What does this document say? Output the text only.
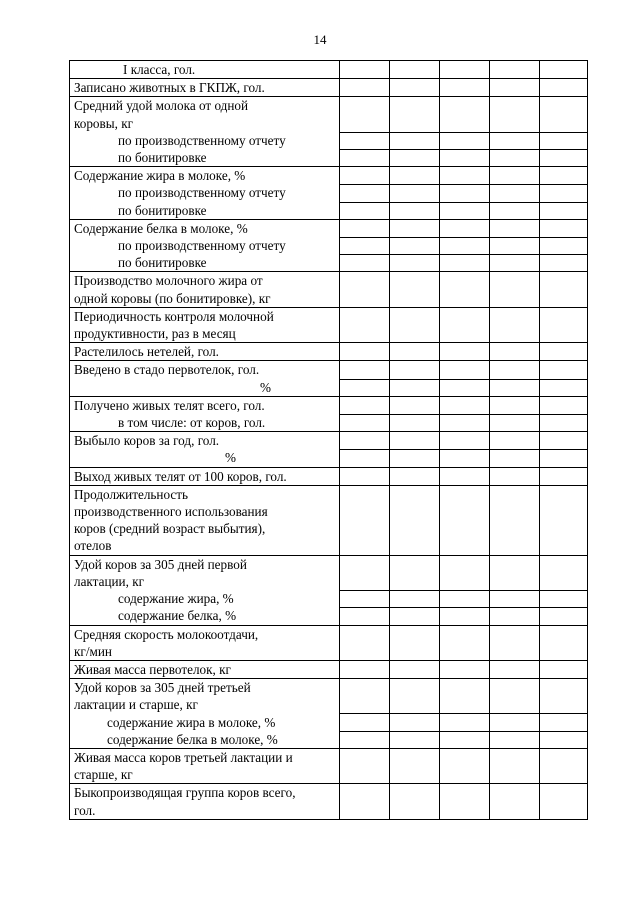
14
I класса, гол.					

Записано животных в ГКПЖ, гол.					

Средний удой молока от одной
коровы, кг
по производственному отчету
по бонитировке					

Содержание жира в молоке, %
по производственному отчету
по бонитировке					

Содержание белка в молоке, %
по производственному отчету
по бонитировке					

Производство молочного жира от
одной коровы (по бонитировке), кг					

Периодичность контроля молочной
продуктивности, раз в месяц					

Растелилось нетелей, гол.					

Введено в стадо первотелок, гол.
%					

Получено живых телят всего, гол.
в том числе: от коров, гол.					

Выбыло коров за год, гол.
%					

Выход живых телят от 100 коров, гол.					

Продолжительность
производственного использования
коров (средний возраст выбытия),
отелов					

Удой коров за 305 дней первой
лактации, кг
содержание жира, %
содержание белка, %					

Средняя скорость молокоотдачи,
кг/мин					

Живая масса первотелок, кг					

Удой коров за 305 дней третьей
лактации и старше, кг
содержание жира в молоке, %
содержание белка в молоке, %					

Живая масса коров третьей лактации и
старше, кг					

Быкопроизводящая группа коров всего,
гол.					
